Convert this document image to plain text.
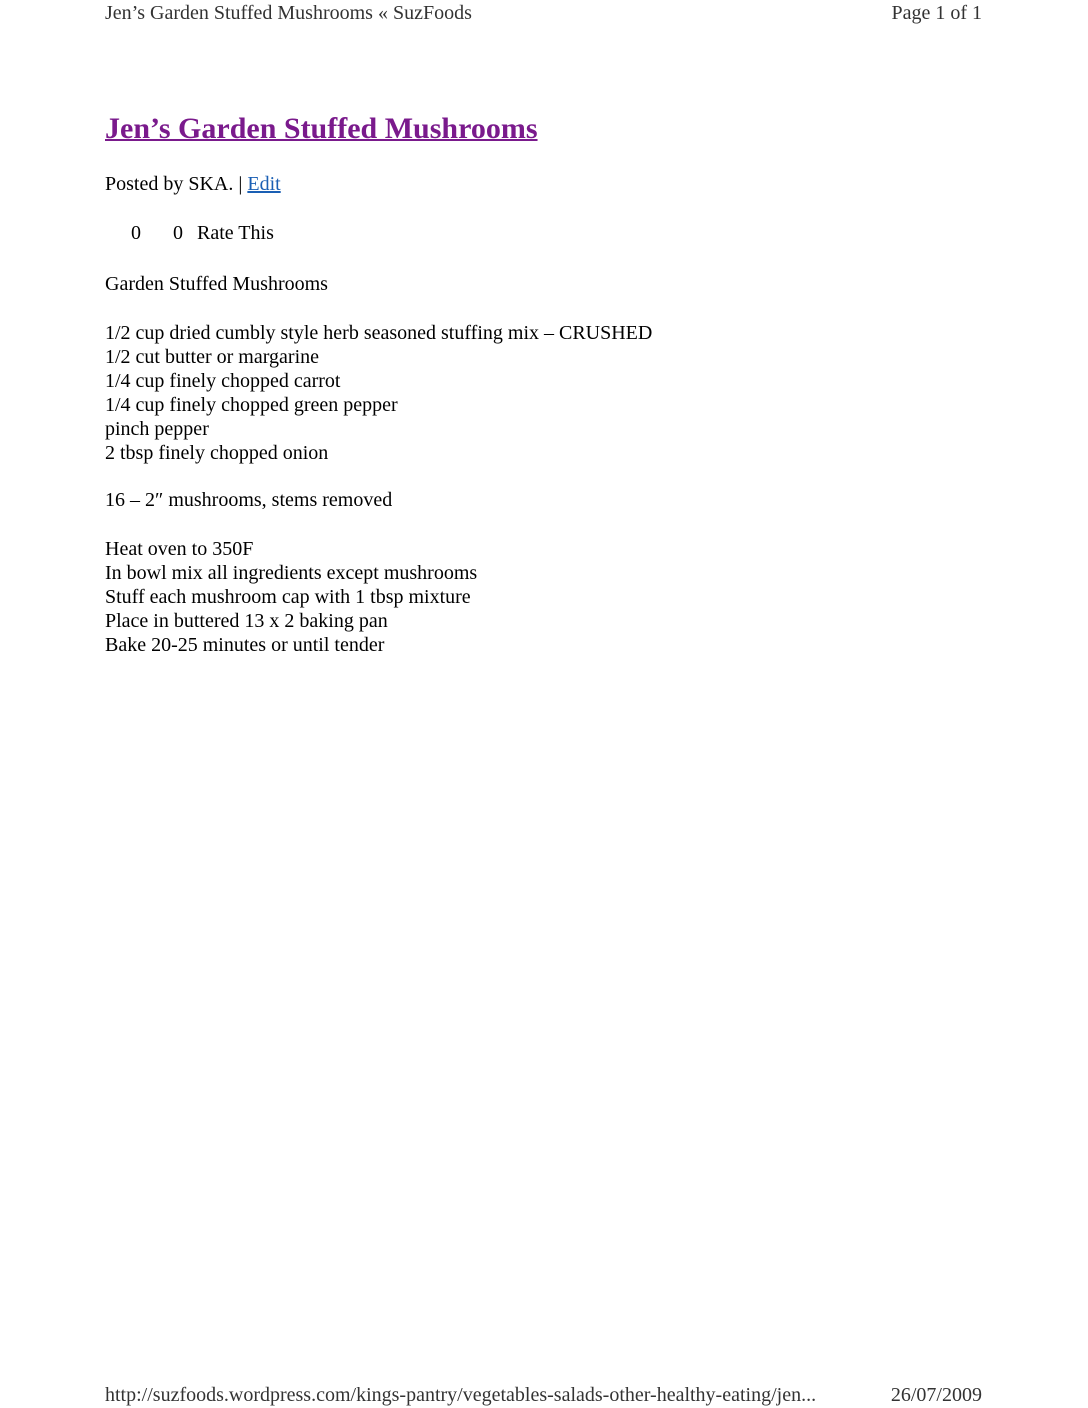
Jen’s Garden Stuffed Mushrooms « SuzFoods	Page 1 of 1
Jen’s Garden Stuffed Mushrooms
Posted by SKA. | Edit
0 0 Rate This
Garden Stuffed Mushrooms
1/2 cup dried cumbly style herb seasoned stuffing mix – CRUSHED
1/2 cut butter or margarine
1/4 cup finely chopped carrot
1/4 cup finely chopped green pepper
pinch pepper
2 tbsp finely chopped onion
16 – 2″ mushrooms, stems removed
Heat oven to 350F
In bowl mix all ingredients except mushrooms
Stuff each mushroom cap with 1 tbsp mixture
Place in buttered 13 x 2 baking pan
Bake 20-25 minutes or until tender
http://suzfoods.wordpress.com/kings-pantry/vegetables-salads-other-healthy-eating/jen...	26/07/2009
